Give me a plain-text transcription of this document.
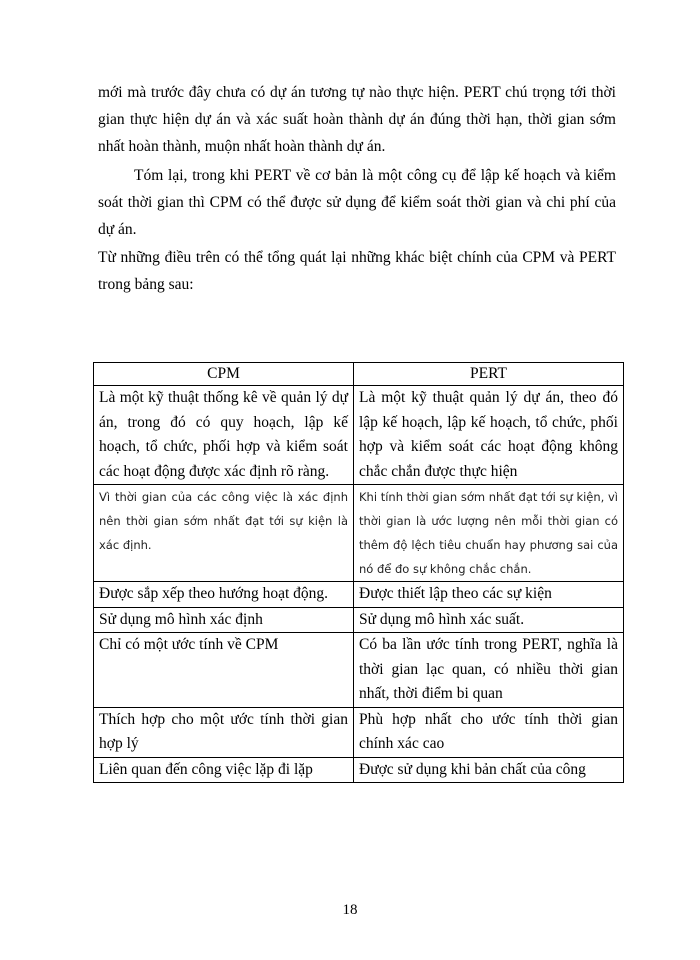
mới mà trước đây chưa có dự án tương tự nào thực hiện. PERT chú trọng tới thời gian thực hiện dự án và xác suất hoàn thành dự án đúng thời hạn, thời gian sớm nhất hoàn thành, muộn nhất hoàn thành dự án.

Tóm lại, trong khi PERT về cơ bản là một công cụ để lập kế hoạch và kiểm soát thời gian thì CPM có thể được sử dụng để kiểm soát thời gian và chi phí của dự án.

Từ những điều trên có thể tổng quát lại những khác biệt chính của CPM và PERT trong bảng sau:

CPM	PERT
Là một kỹ thuật thống kê về quản lý dự án, trong đó có quy hoạch, lập kế hoạch, tổ chức, phối hợp và kiểm soát các hoạt động được xác định rõ ràng.	Là một kỹ thuật quản lý dự án, theo đó lập kế hoạch, lập kế hoạch, tổ chức, phối hợp và kiểm soát các hoạt động không chắc chắn được thực hiện
Vì thời gian của các công việc là xác định nên thời gian sớm nhất đạt tới sự kiện là xác định.	Khi tính thời gian sớm nhất đạt tới sự kiện, vì thời gian là ước lượng nên mỗi thời gian có thêm độ lệch tiêu chuẩn hay phương sai của nó để đo sự không chắc chắn.
Được sắp xếp theo hướng hoạt động.	Được thiết lập theo các sự kiện
Sử dụng mô hình xác định	Sử dụng mô hình xác suất.
Chỉ có một ước tính về CPM	Có ba lần ước tính trong PERT, nghĩa là thời gian lạc quan, có nhiều thời gian nhất, thời điểm bi quan
Thích hợp cho một ước tính thời gian hợp lý	Phù hợp nhất cho ước tính thời gian chính xác cao
Liên quan đến công việc lặp đi lặp	Được sử dụng khi bản chất của công
18
